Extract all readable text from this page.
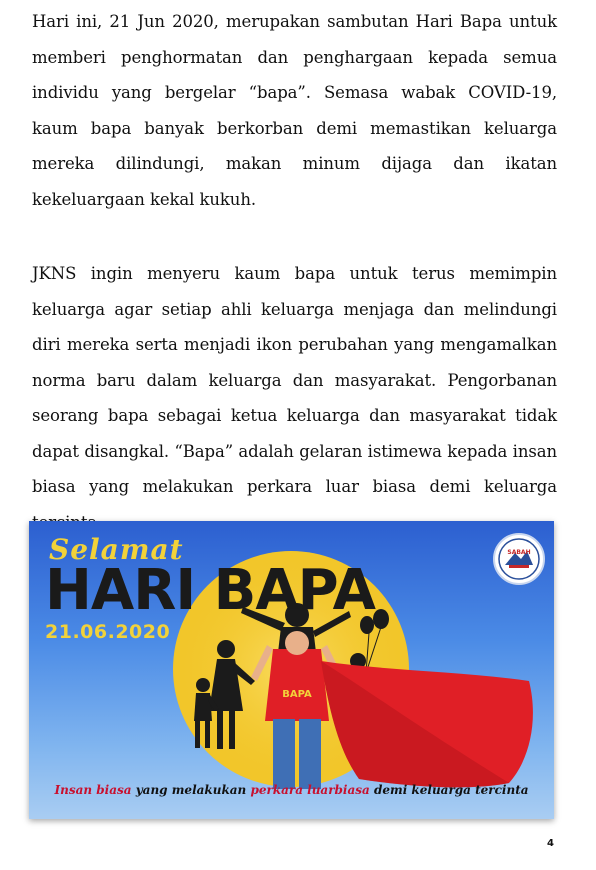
Hari ini, 21 Jun 2020, merupakan sambutan Hari Bapa untuk memberi penghormatan dan penghargaan kepada semua individu yang bergelar “bapa”. Semasa wabak COVID-19, kaum bapa banyak berkorban demi memastikan keluarga mereka dilindungi, makan minum dijaga dan ikatan kekeluargaan kekal kukuh.

JKNS ingin menyeru kaum bapa untuk terus memimpin keluarga agar setiap ahli keluarga menjaga dan melindungi diri mereka serta menjadi ikon perubahan yang mengamalkan norma baru dalam keluarga dan masyarakat. Pengorbanan seorang bapa sebagai ketua keluarga dan masyarakat tidak dapat disangkal. “Bapa” adalah gelaran istimewa kepada insan biasa yang melakukan perkara luar biasa demi keluarga

BAPA
Selamat
HARI BAPA
21.06.2020
SABAH
Insan biasa yang melakukan perkara luarbiasa demi keluarga tercinta
4
